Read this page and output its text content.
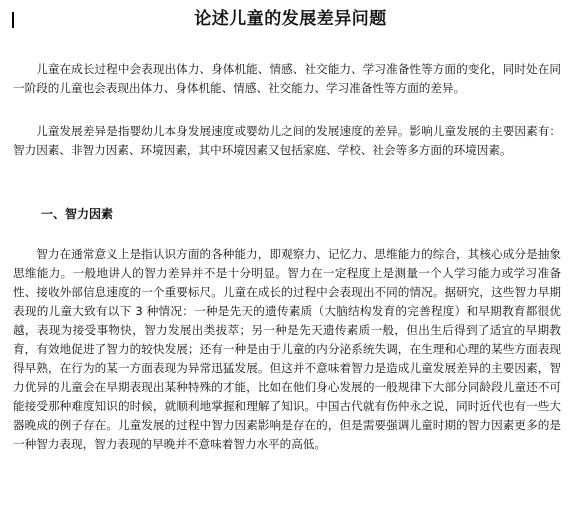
论述儿童的发展差异问题

儿童在成长过程中会表现出体力、身体机能、情感、社交能力、学习准备性等方面的变化，同时处在同一阶段的儿童也会表现出体力、身体机能、情感、社交能力、学习准备性等方面的差异。

儿童发展差异是指婴幼儿本身发展速度或婴幼儿之间的发展速度的差异。影响儿童发展的主要因素有：智力因素、非智力因素、环境因素，其中环境因素又包括家庭、学校、社会等多方面的环境因素。

一、智力因素

智力在通常意义上是指认识方面的各种能力，即观察力、记忆力、思维能力的综合，其核心成分是抽象思维能力。一般地讲人的智力差异并不是十分明显。智力在一定程度上是测量一个人学习能力或学习准备性、接收外部信息速度的一个重要标尺。儿童在成长的过程中会表现出不同的情况。据研究，这些智力早期表现的儿童大致有以下 3 种情况：一种是先天的遗传素质（大脑结构发育的完善程度）和早期教育都很优越，表现为接受事物快，智力发展出类拔萃；另一种是先天遗传素质一般，但出生后得到了适宜的早期教育，有效地促进了智力的较快发展；还有一种是由于儿童的内分泌系统失调，在生理和心理的某些方面表现得早熟，在行为的某一方面表现为异常迅猛发展。但这并不意味着智力是造成儿童发展差异的主要因素，智力优异的儿童会在早期表现出某种特殊的才能，比如在他们身心发展的一般规律下大部分同龄段儿童还不可能接受那种难度知识的时候，就顺利地掌握和理解了知识。中国古代就有伤仲永之说，同时近代也有一些大器晚成的例子存在。儿童发展的过程中智力因素影响是存在的，但是需要强调儿童时期的智力因素更多的是一种智力表现，智力表现的早晚并不意味着智力水平的高低。
